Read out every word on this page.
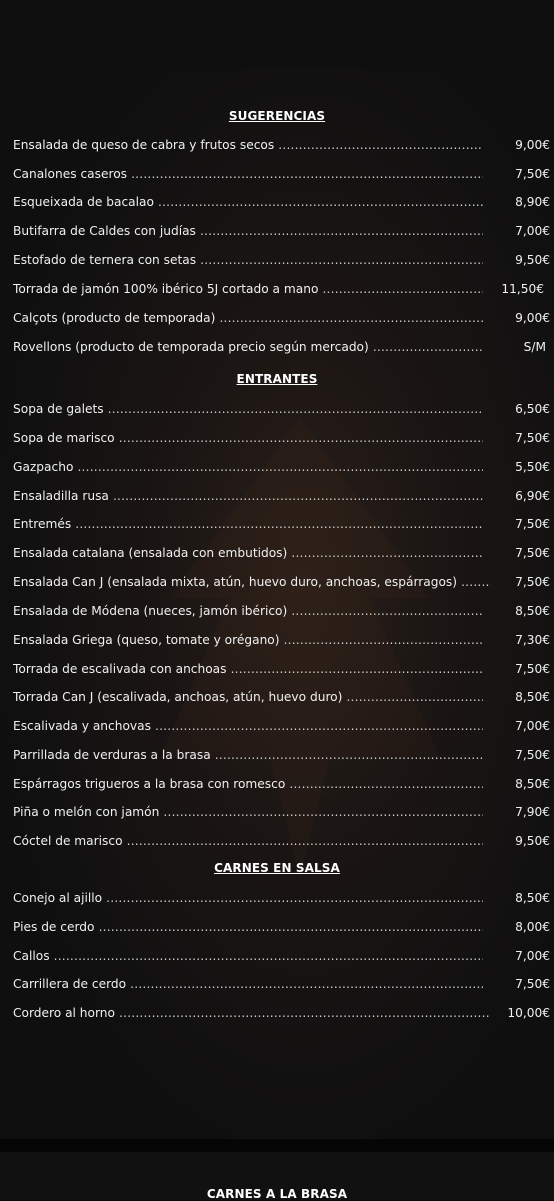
SUGERENCIAS
Ensalada de queso de cabra y frutos secos .....	9,00€
Canalones caseros .....	7,50€
Esqueixada de bacalao .....	8,90€
Butifarra de Caldes con judías .....	7,00€
Estofado de ternera con setas .....	9,50€
Torrada de jamón 100% ibérico 5J cortado a mano .....	11,50€
Calçots (producto de temporada) .....	9,00€
Rovellons (producto de temporada precio según mercado) .....	S/M
ENTRANTES
Sopa de galets .....	6,50€
Sopa de marisco .....	7,50€
Gazpacho .....	5,50€
Ensaladilla rusa .....	6,90€
Entremés .....	7,50€
Ensalada catalana (ensalada con embutidos) .....	7,50€
Ensalada Can J (ensalada mixta, atún, huevo duro, anchoas, espárragos) .....	7,50€
Ensalada de Módena (nueces, jamón ibérico) .....	8,50€
Ensalada Griega (queso, tomate y orégano) .....	7,30€
Torrada de escalivada con anchoas .....	7,50€
Torrada Can J (escalivada, anchoas, atún, huevo duro) .....	8,50€
Escalivada y anchovas .....	7,00€
Parrillada de verduras a la brasa .....	7,50€
Espárragos trigueros a la brasa con romesco .....	8,50€
Piña o melón con jamón .....	7,90€
Cóctel de marisco .....	9,50€
CARNES EN SALSA
Conejo al ajillo .....	8,50€
Pies de cerdo .....	8,00€
Callos .....	7,00€
Carrillera de cerdo .....	7,50€
Cordero al horno .....	10,00€
CARNES A LA BRASA
